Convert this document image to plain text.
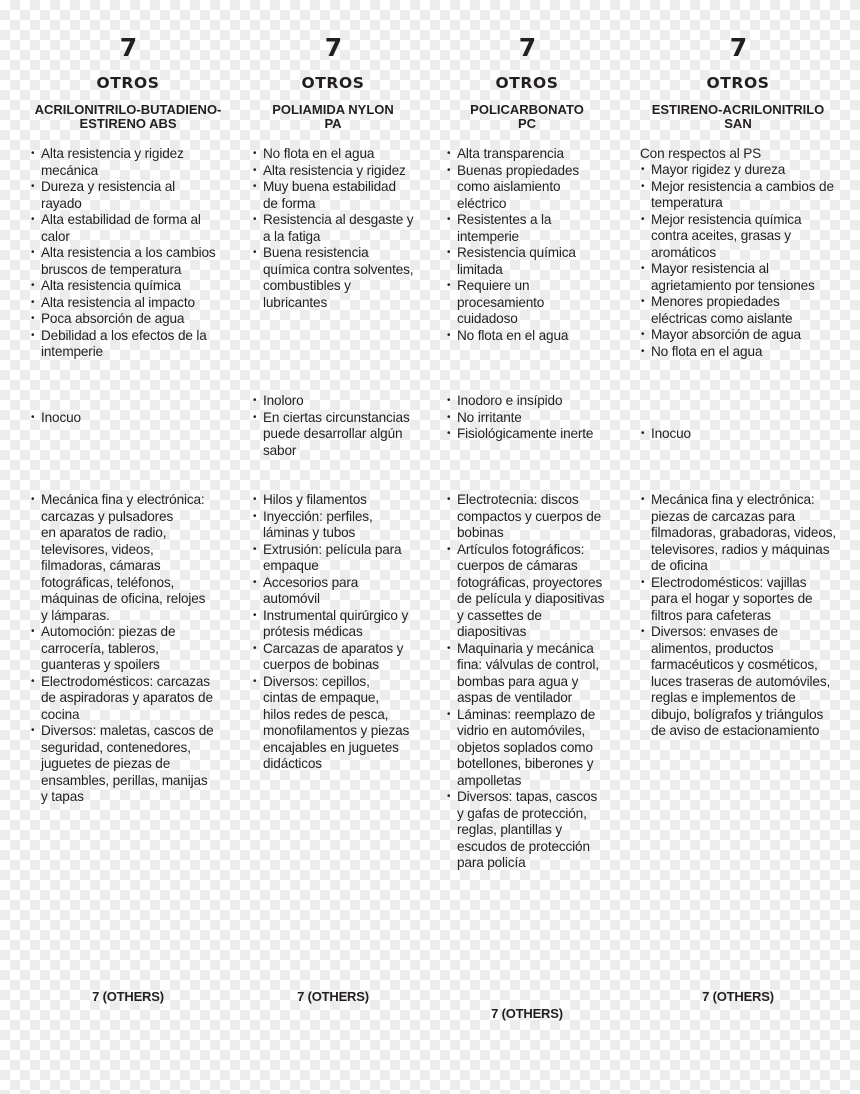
7
OTROS
ACRILONITRILO-BUTADIENO-
ESTIRENO ABS
• Alta resistencia y rigidez
mecánica
• Dureza y resistencia al
rayado
• Alta estabilidad de forma al
calor
• Alta resistencia a los cambios
bruscos de temperatura
• Alta resistencia química
• Alta resistencia al impacto
• Poca absorción de agua
• Debilidad a los efectos de la
intemperie
• Inocuo
• Mecánica fina y electrónica:
carcazas y pulsadores
en aparatos de radio,
televisores, videos,
filmadoras, cámaras
fotográficas, teléfonos,
máquinas de oficina, relojes
y lámparas.
• Automoción: piezas de
carrocería, tableros,
guanteras y spoilers
• Electrodomésticos: carcazas
de aspiradoras y aparatos de
cocina
• Diversos: maletas, cascos de
seguridad, contenedores,
juguetes de piezas de
ensambles, perillas, manijas
y tapas
7 (OTHERS)
7
OTROS
POLIAMIDA NYLON
PA
• No flota en el agua
• Alta resistencia y rigidez
• Muy buena estabilidad
de forma
• Resistencia al desgaste y
a la fatiga
• Buena resistencia
química contra solventes,
combustibles y
lubricantes
• Inoloro
• En ciertas circunstancias
puede desarrollar algún
sabor
• Hilos y filamentos
• Inyección: perfiles,
láminas y tubos
• Extrusión: película para
empaque
• Accesorios para
automóvil
• Instrumental quirúrgico y
prótesis médicas
• Carcazas de aparatos y
cuerpos de bobinas
• Diversos: cepillos,
cintas de empaque,
hilos redes de pesca,
monofilamentos y piezas
encajables en juguetes
didácticos
7 (OTHERS)
7
OTROS
POLICARBONATO
PC
• Alta transparencia
• Buenas propiedades
como aislamiento
eléctrico
• Resistentes a la
intemperie
• Resistencia química
limitada
• Requiere un
procesamiento
cuidadoso
• No flota en el agua
• Inodoro e insípido
• No irritante
• Fisiológicamente inerte
• Electrotecnia: discos
compactos y cuerpos de
bobinas
• Artículos fotográficos:
cuerpos de cámaras
fotográficas, proyectores
de película y diapositivas
y cassettes de
diapositivas
• Maquinaria y mecánica
fina: válvulas de control,
bombas para agua y
aspas de ventilador
• Láminas: reemplazo de
vidrio en automóviles,
objetos soplados como
botellones, biberones y
ampolletas
• Diversos: tapas, cascos
y gafas de protección,
reglas, plantillas y
escudos de protección
para policía
7 (OTHERS)
7
OTROS
ESTIRENO-ACRILONITRILO
SAN
Con respectos al PS
• Mayor rigidez y dureza
• Mejor resistencia a cambios de
temperatura
• Mejor resistencia química
contra aceites, grasas y
aromáticos
• Mayor resistencia al
agrietamiento por tensiones
• Menores propiedades
eléctricas como aislante
• Mayor absorción de agua
• No flota en el agua
• Inocuo
• Mecánica fina y electrónica:
piezas de carcazas para
filmadoras, grabadoras, videos,
televisores, radios y máquinas
de oficina
• Electrodomésticos: vajillas
para el hogar y soportes de
filtros para cafeteras
• Diversos: envases de
alimentos, productos
farmacéuticos y cosméticos,
luces traseras de automóviles,
reglas e implementos de
dibujo, bolígrafos y triángulos
de aviso de estacionamiento
7 (OTHERS)
